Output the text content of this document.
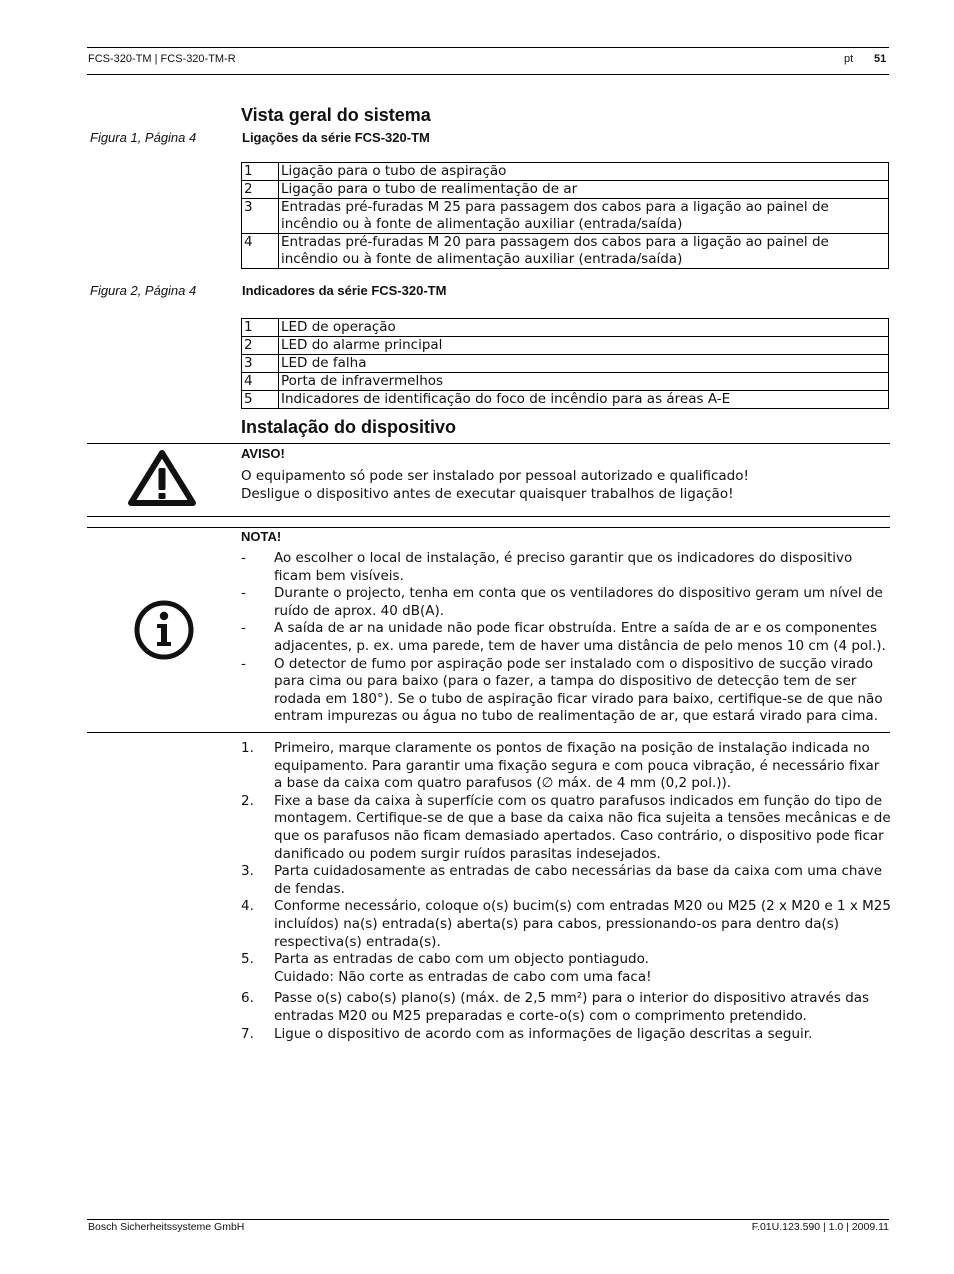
FCS-320-TM | FCS-320-TM-R	pt 51
Vista geral do sistema
Figura 1, Página 4	Ligações da série FCS-320-TM
1	Ligação para o tubo de aspiração
2	Ligação para o tubo de realimentação de ar
3	Entradas pré-furadas M 25 para passagem dos cabos para a ligação ao painel de incêndio ou à fonte de alimentação auxiliar (entrada/saída)
4	Entradas pré-furadas M 20 para passagem dos cabos para a ligação ao painel de incêndio ou à fonte de alimentação auxiliar (entrada/saída)
Figura 2, Página 4	Indicadores da série FCS-320-TM
1	LED de operação
2	LED do alarme principal
3	LED de falha
4	Porta de infravermelhos
5	Indicadores de identificação do foco de incêndio para as áreas A-E
Instalação do dispositivo
AVISO!
O equipamento só pode ser instalado por pessoal autorizado e qualificado!
Desligue o dispositivo antes de executar quaisquer trabalhos de ligação!
NOTA!
- Ao escolher o local de instalação, é preciso garantir que os indicadores do dispositivo ficam bem visíveis.
- Durante o projecto, tenha em conta que os ventiladores do dispositivo geram um nível de ruído de aprox. 40 dB(A).
- A saída de ar na unidade não pode ficar obstruída. Entre a saída de ar e os componentes adjacentes, p. ex. uma parede, tem de haver uma distância de pelo menos 10 cm (4 pol.).
- O detector de fumo por aspiração pode ser instalado com o dispositivo de sucção virado para cima ou para baixo (para o fazer, a tampa do dispositivo de detecção tem de ser rodada em 180°). Se o tubo de aspiração ficar virado para baixo, certifique-se de que não entram impurezas ou água no tubo de realimentação de ar, que estará virado para cima.
1. Primeiro, marque claramente os pontos de fixação na posição de instalação indicada no equipamento. Para garantir uma fixação segura e com pouca vibração, é necessário fixar a base da caixa com quatro parafusos (∅ máx. de 4 mm (0,2 pol.)).
2. Fixe a base da caixa à superfície com os quatro parafusos indicados em função do tipo de montagem. Certifique-se de que a base da caixa não fica sujeita a tensões mecânicas e de que os parafusos não ficam demasiado apertados. Caso contrário, o dispositivo pode ficar danificado ou podem surgir ruídos parasitas indesejados.
3. Parta cuidadosamente as entradas de cabo necessárias da base da caixa com uma chave de fendas.
4. Conforme necessário, coloque o(s) bucim(s) com entradas M20 ou M25 (2 x M20 e 1 x M25 incluídos) na(s) entrada(s) aberta(s) para cabos, pressionando-os para dentro da(s) respectiva(s) entrada(s).
5. Parta as entradas de cabo com um objecto pontiagudo.
Cuidado: Não corte as entradas de cabo com uma faca!
6. Passe o(s) cabo(s) plano(s) (máx. de 2,5 mm²) para o interior do dispositivo através das entradas M20 ou M25 preparadas e corte-o(s) com o comprimento pretendido.
7. Ligue o dispositivo de acordo com as informações de ligação descritas a seguir.
Bosch Sicherheitssysteme GmbH	F.01U.123.590 | 1.0 | 2009.11
